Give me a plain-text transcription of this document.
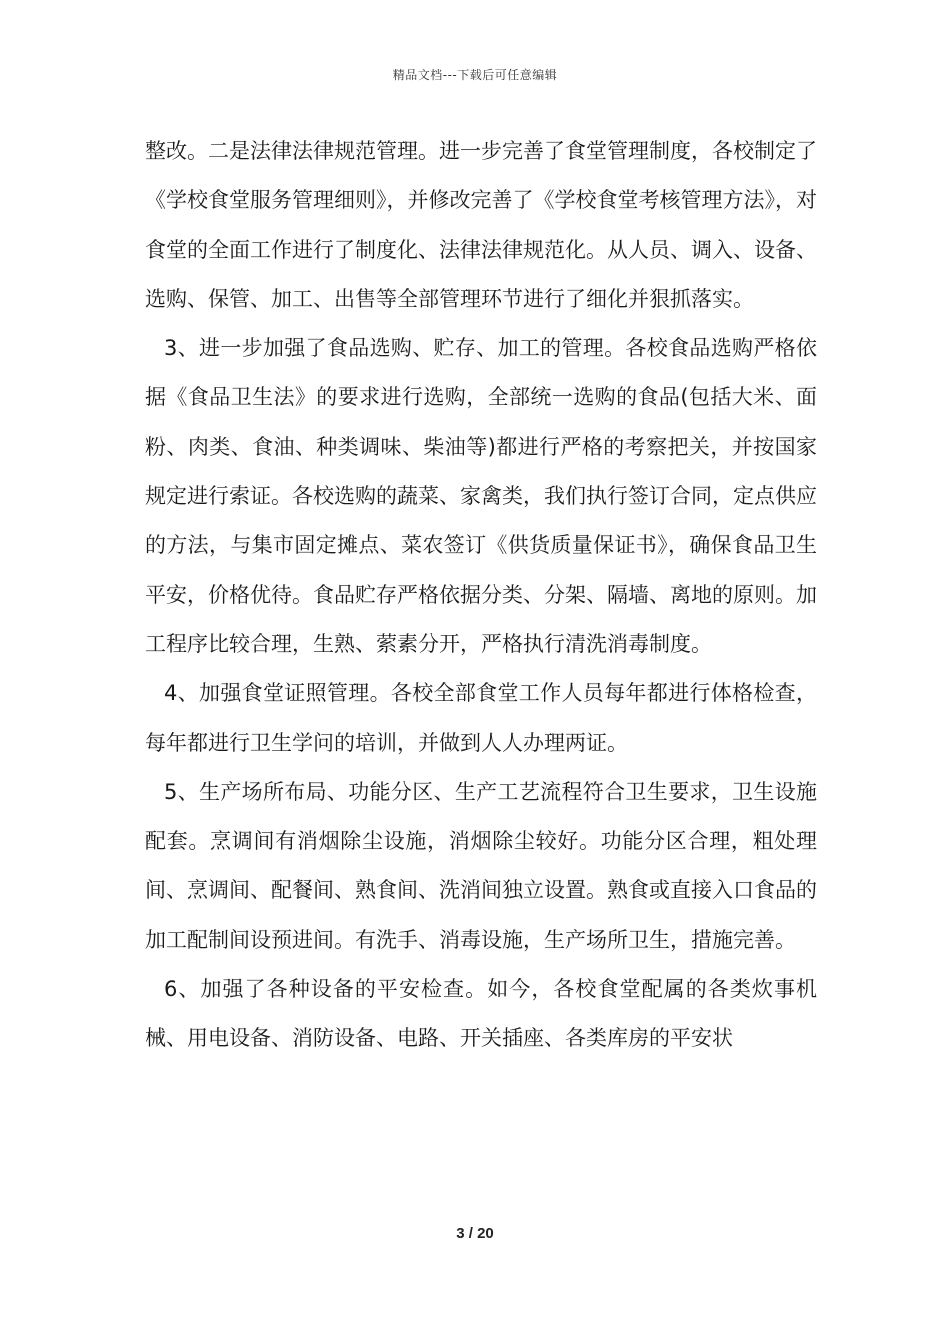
精品文档---下载后可任意编辑

整改。二是法律法律规范管理。进一步完善了食堂管理制度，各校制定了《学校食堂服务管理细则》，并修改完善了《学校食堂考核管理方法》，对食堂的全面工作进行了制度化、法律法律规范化。从人员、调入、设备、选购、保管、加工、出售等全部管理环节进行了细化并狠抓落实。

3、进一步加强了食品选购、贮存、加工的管理。各校食品选购严格依据《食品卫生法》的要求进行选购，全部统一选购的食品(包括大米、面粉、肉类、食油、种类调味、柴油等)都进行严格的考察把关，并按国家规定进行索证。各校选购的蔬菜、家禽类，我们执行签订合同，定点供应的方法，与集市固定摊点、菜农签订《供货质量保证书》，确保食品卫生平安，价格优待。食品贮存严格依据分类、分架、隔墙、离地的原则。加工程序比较合理，生熟、萦素分开，严格执行清洗消毒制度。

4、加强食堂证照管理。各校全部食堂工作人员每年都进行体格检查，每年都进行卫生学问的培训，并做到人人办理两证。

5、生产场所布局、功能分区、生产工艺流程符合卫生要求，卫生设施配套。烹调间有消烟除尘设施，消烟除尘较好。功能分区合理，粗处理间、烹调间、配餐间、熟食间、洗消间独立设置。熟食或直接入口食品的加工配制间设预进间。有洗手、消毒设施，生产场所卫生，措施完善。

6、加强了各种设备的平安检查。如今，各校食堂配属的各类炊事机械、用电设备、消防设备、电路、开关插座、各类库房的平安状

3 / 20
